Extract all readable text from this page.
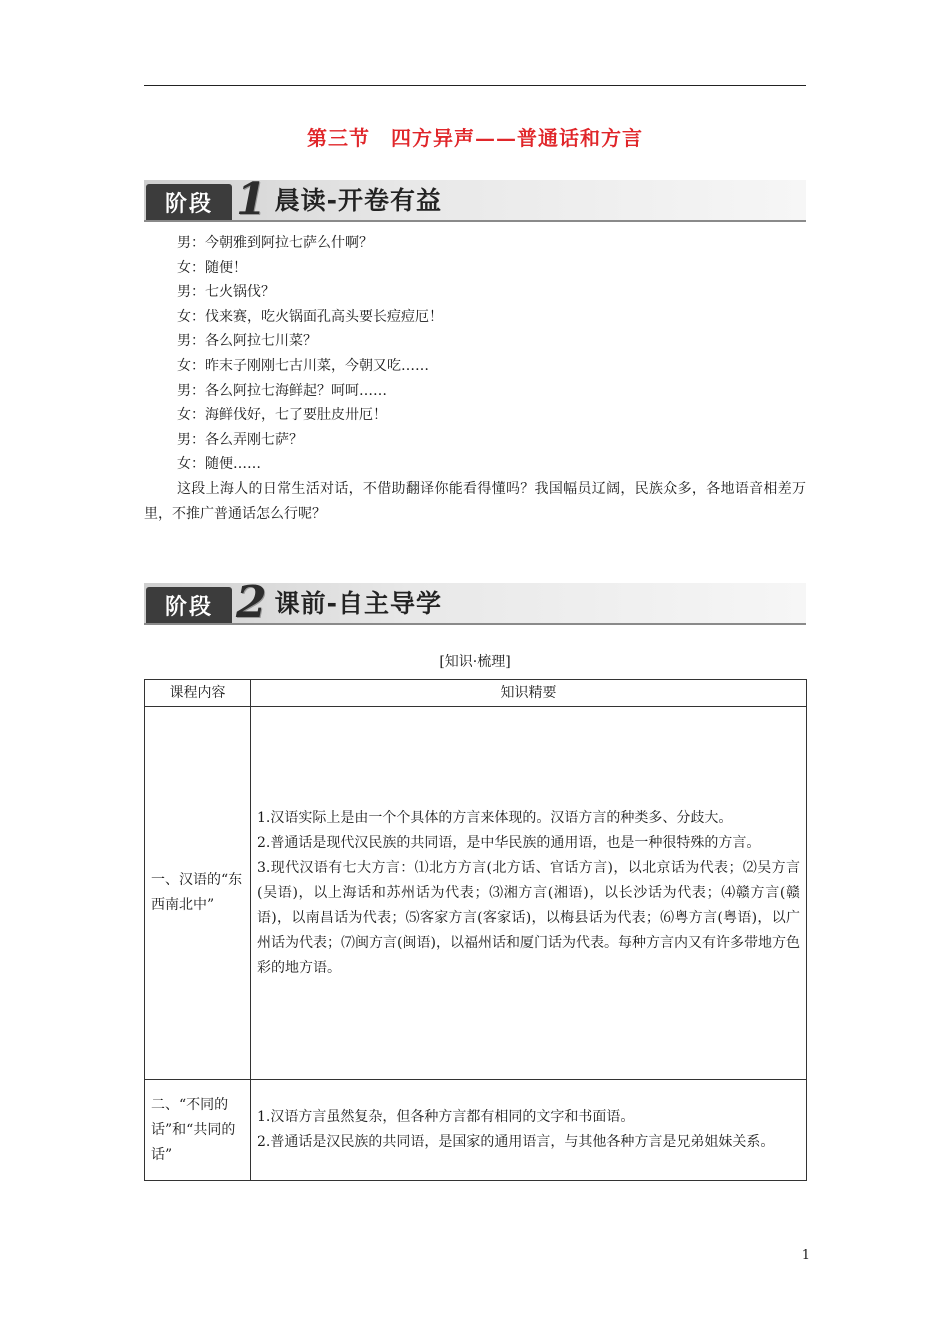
第三节　四方异声——普通话和方言
阶段 1 晨读-开卷有益
男：今朝雅到阿拉七萨么什啊？
女：随便！
男：七火锅伐？
女：伐来赛，吃火锅面孔高头要长痘痘厄！
男：各么阿拉七川菜？
女：昨末子刚刚七古川菜，今朝又吃……
男：各么阿拉七海鲜起？呵呵……
女：海鲜伐好，七了要肚皮卅厄！
男：各么弄刚七萨？
女：随便……
这段上海人的日常生活对话，不借助翻译你能看得懂吗？我国幅员辽阔，民族众多，各地语音相差万里，不推广普通话怎么行呢？
阶段 2 课前-自主导学
[知识·梳理]
课程内容	知识精要
一、汉语的“东西南北中”	1.汉语实际上是由一个个具体的方言来体现的。汉语方言的种类多、分歧大。

2.普通话是现代汉民族的共同语，是中华民族的通用语，也是一种很特殊的方言。

3.现代汉语有七大方言：⑴北方方言(北方话、官话方言)，以北京话为代表；⑵吴方言(吴语)，以上海话和苏州话为代表；⑶湘方言(湘语)，以长沙话为代表；⑷赣方言(赣语)，以南昌话为代表；⑸客家方言(客家话)，以梅县话为代表；⑹粤方言(粤语)，以广州话为代表；⑺闽方言(闽语)，以福州话和厦门话为代表。每种方言内又有许多带地方色彩的地方语。

二、“不同的话”和“共同的话”	1.汉语方言虽然复杂，但各种方言都有相同的文字和书面语。

2.普通话是汉民族的共同语，是国家的通用语言，与其他各种方言是兄弟姐妹关系。

1
